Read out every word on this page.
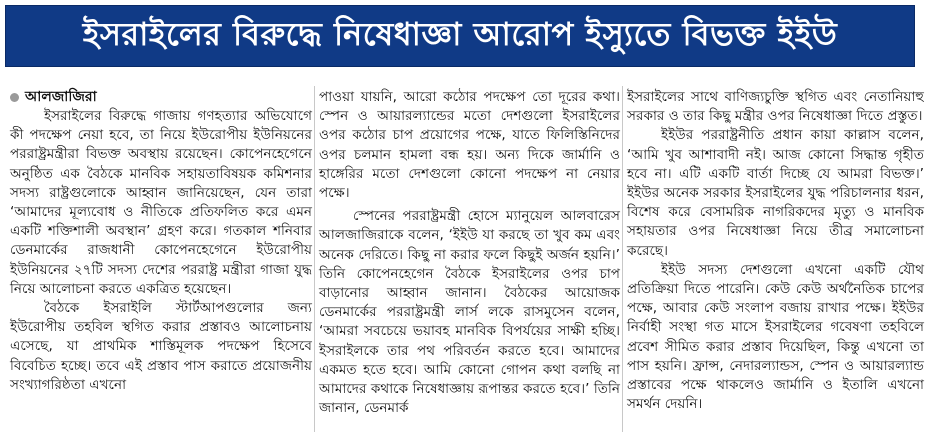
ইসরাইলের বিরুদ্ধে নিষেধাজ্ঞা আরোপ ইস্যুতে বিভক্ত ইইউ
আলজাজিরা

ইসরাইলের বিরুদ্ধে গাজায় গণহত্যার অভিযোগে কী পদক্ষেপ নেয়া হবে, তা নিয়ে ইউরোপীয় ইউনিয়নের পররাষ্ট্রমন্ত্রীরা বিভক্ত অবস্থায় রয়েছেন। কোপেনহেগেনে অনুষ্ঠিত এক বৈঠকে মানবিক সহায়তাবিষয়ক কমিশনার সদস্য রাষ্ট্রগুলোকে আহ্বান জানিয়েছেন, যেন তারা ‘আমাদের মূল্যবোধ ও নীতিকে প্রতিফলিত করে এমন একটি শক্তিশালী অবস্থান’ গ্রহণ করে। গতকাল শনিবার ডেনমার্কের রাজধানী কোপেনহেগেনে ইউরোপীয় ইউনিয়নের ২৭টি সদস্য দেশের পররাষ্ট্র মন্ত্রীরা গাজা যুদ্ধ নিয়ে আলোচনা করতে একত্রিত হয়েছেন।

বৈঠকে ইসরাইলি স্টার্টআপগুলোর জন্য ইউরোপীয় তহবিল স্থগিত করার প্রস্তাবও আলোচনায় এসেছে, যা প্রাথমিক শাস্তিমূলক পদক্ষেপ হিসেবে বিবেচিত হচ্ছে। তবে এই প্রস্তাব পাস করাতে প্রয়োজনীয় সংখ্যাগরিষ্ঠতা এখনো

পাওয়া যায়নি, আরো কঠোর পদক্ষেপ তো দূরের কথা। স্পেন ও আয়ারল্যান্ডের মতো দেশগুলো ইসরাইলের ওপর কঠোর চাপ প্রয়োগের পক্ষে, যাতে ফিলিস্তিনিদের ওপর চলমান হামলা বন্ধ হয়। অন্য দিকে জার্মানি ও হাঙ্গেরির মতো দেশগুলো কোনো পদক্ষেপ না নেয়ার পক্ষে।

স্পেনের পররাষ্ট্রমন্ত্রী হোসে ম্যানুয়েল আলবারেস আলজাজিরাকে বলেন, ‘ইইউ যা করছে তা খুব কম এবং অনেক দেরিতে। কিছু না করার ফলে কিছুই অর্জন হয়নি।’ তিনি কোপেনহেগেন বৈঠকে ইসরাইলের ওপর চাপ বাড়ানোর আহ্বান জানান। বৈঠকের আয়োজক ডেনমার্কের পররাষ্ট্রমন্ত্রী লার্স লকে রাসমুসেন বলেন, ‘আমরা সবচেয়ে ভয়াবহ মানবিক বিপর্যয়ের সাক্ষী হচ্ছি। ইসরাইলকে তার পথ পরিবর্তন করতে হবে। আমাদের একমত হতে হবে। আমি কোনো গোপন কথা বলছি না আমাদের কথাকে নিষেধাজ্ঞায় রূপান্তর করতে হবে।’ তিনি জানান, ডেনমার্ক

ইসরাইলের সাথে বাণিজ্যচুক্তি স্থগিত এবং নেতানিয়াহু সরকার ও তার কিছু মন্ত্রীর ওপর নিষেধাজ্ঞা দিতে প্রস্তুত।

ইইউর পররাষ্ট্রনীতি প্রধান কায়া কাল্লাস বলেন, ‘আমি খুব আশাবাদী নই। আজ কোনো সিদ্ধান্ত গৃহীত হবে না। এটি একটি বার্তা দিচ্ছে যে আমরা বিভক্ত।’ ইইউর অনেক সরকার ইসরাইলের যুদ্ধ পরিচালনার ধরন, বিশেষ করে বেসামরিক নাগরিকদের মৃত্যু ও মানবিক সহায়তার ওপর নিষেধাজ্ঞা নিয়ে তীব্র সমালোচনা করেছে।

ইইউ সদস্য দেশগুলো এখনো একটি যৌথ প্রতিক্রিয়া দিতে পারেনি। কেউ কেউ অর্থনৈতিক চাপের পক্ষে, আবার কেউ সংলাপ বজায় রাখার পক্ষে। ইইউর নির্বাহী সংস্থা গত মাসে ইসরাইলের গবেষণা তহবিলে প্রবেশ সীমিত করার প্রস্তাব দিয়েছিল, কিন্তু এখনো তা পাস হয়নি। ফ্রান্স, নেদারল্যান্ডস, স্পেন ও আয়ারল্যান্ড প্রস্তাবের পক্ষে থাকলেও জার্মানি ও ইতালি এখনো সমর্থন দেয়নি।
